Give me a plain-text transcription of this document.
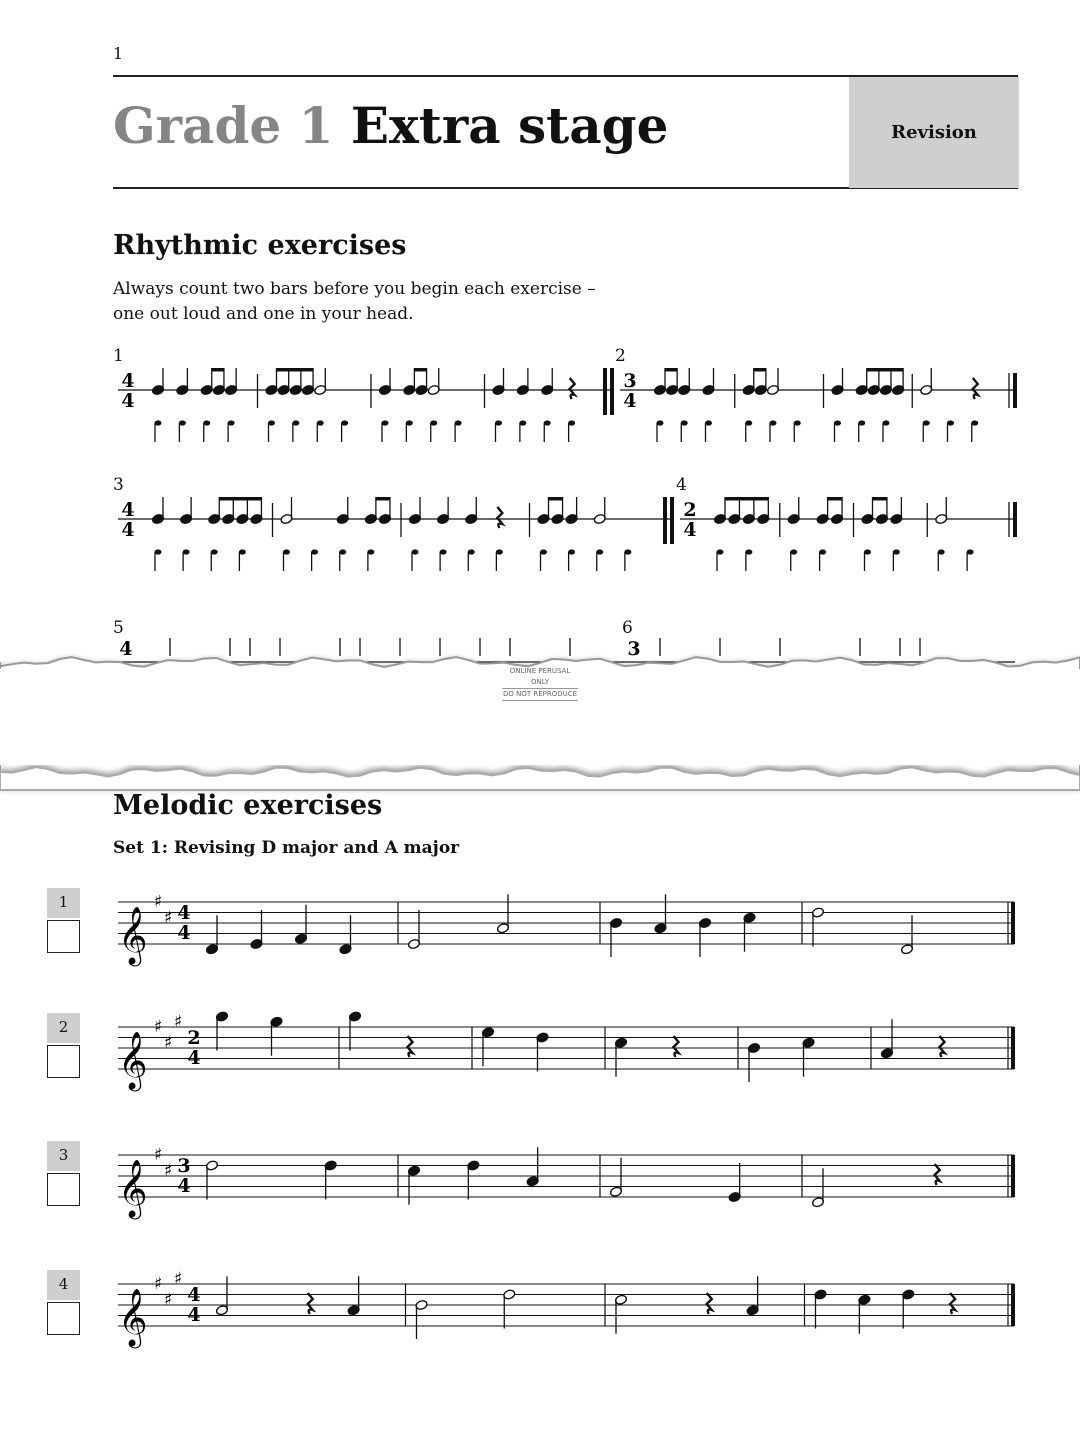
1
Revision
Grade 1 Extra stage
Rhythmic exercises
Always count two bars before you begin each exercise –
one out loud and one in your head.
1	2
3	4
5	6
4
4
3
4
4
4
2
4
4	3
𝄞
♯
♯ 4
4
𝄞
♯
♯
♯
2
4
𝄞
♯
♯ 3
4
𝄞
♯
♯
♯
4
4
ONLINE PERUSAL ONLY
DO NOT REPRODUCE
Melodic exercises
Set 1: Revising D major and A major
1
2
3
4
